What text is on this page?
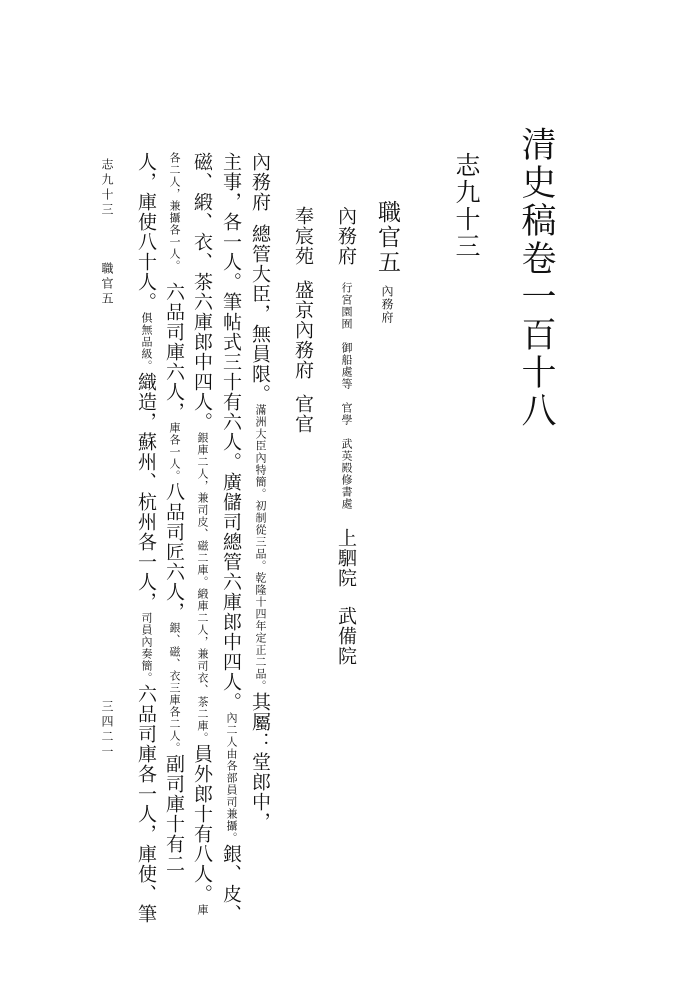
清史稿卷一百十八
志九十三
職官五內務府
內務府行宮園囿　御船處等　官學　武英殿修書處上駟院武備院
奉宸苑盛京內務府官官
內務府總管大臣，無員限。滿洲大臣內特簡。初制從三品。乾隆十四年定正二品。其屬：堂郎中，
主事，各一人。筆帖式三十有六人。廣儲司總管六庫郎中四人。內二人由各部員司兼攝。銀、皮、
磁、緞、衣、茶六庫郎中四人。銀庫二人，兼司皮、磁二庫。緞庫二人，兼司衣、茶二庫。員外郎十有八人。庫
各二人，兼攝各一人。六品司庫六人，庫各一人。八品司匠六人，銀、磁、衣三庫各二人。副司庫十有二
人，庫使八十人。俱無品級。織造，蘇州、杭州各一人，司員內奏簡。六品司庫各一人，庫使、筆
志九十三職官五
三四二一
